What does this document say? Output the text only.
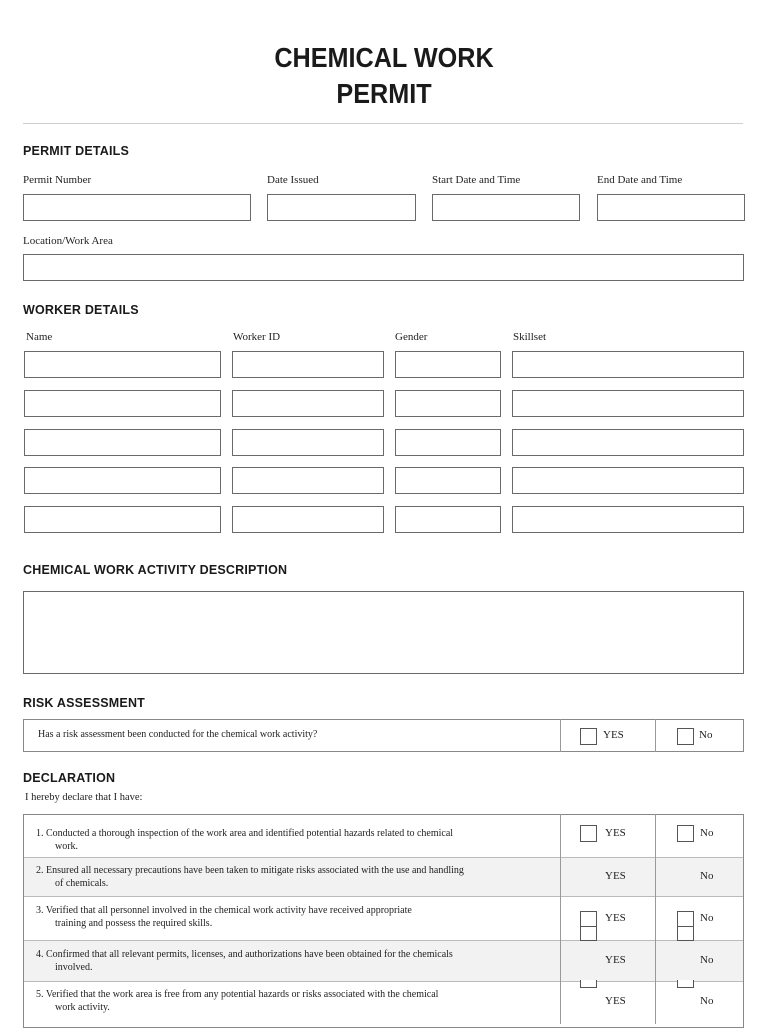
CHEMICAL WORK
PERMIT
PERMIT DETAILS
Permit Number	Date Issued	Start Date and Time	End Date and Time
Location/Work Area
WORKER DETAILS
Name	Worker ID	Gender	Skillset
CHEMICAL WORK ACTIVITY DESCRIPTION
RISK ASSESSMENT
Has a risk assessment been conducted for the chemical work activity?	YES	No
DECLARATION
I hereby declare that I have:
1. Conducted a thorough inspection of the work area and identified potential hazards related to chemical
work.
YES	No
2. Ensured all necessary precautions have been taken to mitigate risks associated with the use and handling
of chemicals.
YES	No
3. Verified that all personnel involved in the chemical work activity have received appropriate
training and possess the required skills.	YES	No
4. Confirmed that all relevant permits, licenses, and authorizations have been obtained for the chemicals
involved.
YES	No
5. Verified that the work area is free from any potential hazards or risks associated with the chemical
work activity.
YES	No
